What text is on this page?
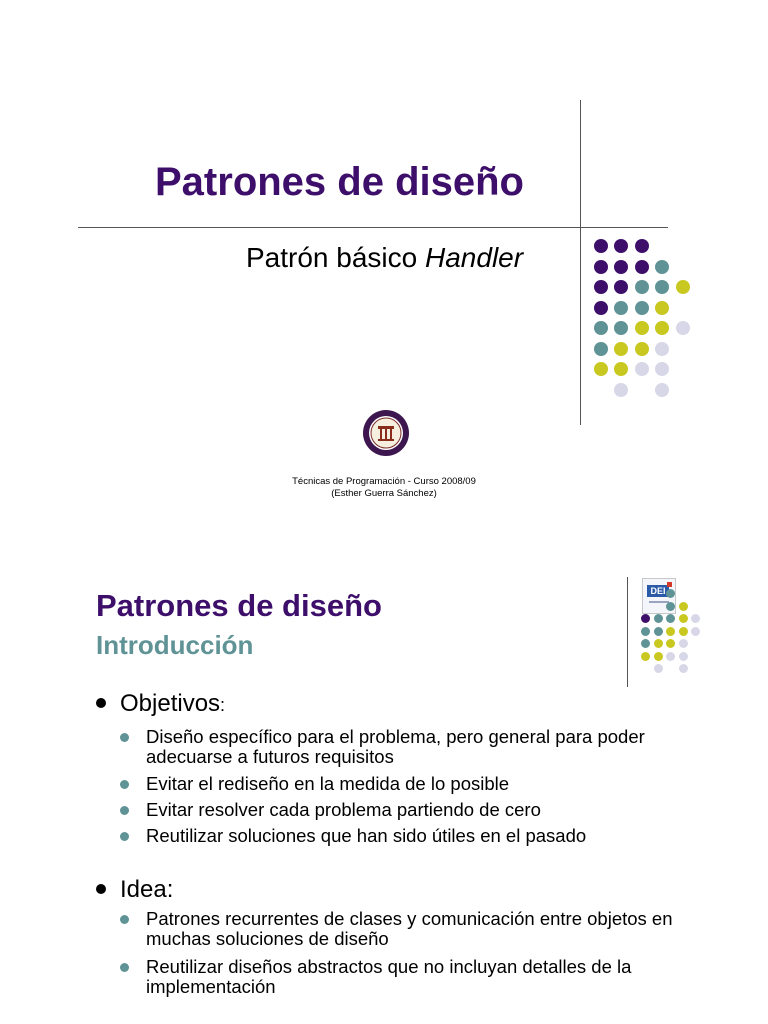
Patrones de diseño
Patrón básico Handler
Técnicas de Programación - Curso 2008/09
(Esther Guerra Sánchez)
Patrones de diseño
Introducción
DEI
Objetivos:
Diseño específico para el problema, pero general para poder adecuarse a futuros requisitos
Evitar el rediseño en la medida de lo posible
Evitar resolver cada problema partiendo de cero
Reutilizar soluciones que han sido útiles en el pasado
Idea:
Patrones recurrentes de clases y comunicación entre objetos en muchas soluciones de diseño
Reutilizar diseños abstractos que no incluyan detalles de la implementación
